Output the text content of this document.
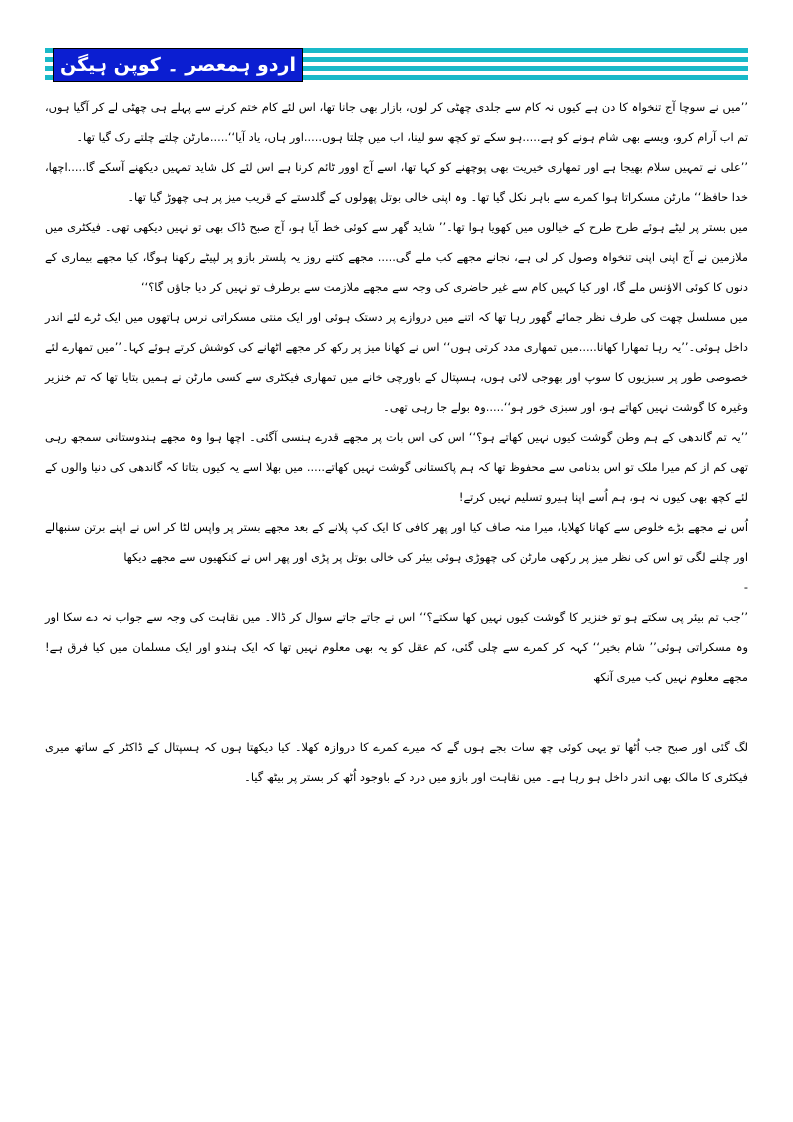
اردو ہمعصر ۔ کوپن ہیگن

’’میں نے سوچا آج تنخواہ کا دن ہے کیوں نہ کام سے جلدی چھٹی کر لوں، بازار بھی جانا تھا، اس لئے کام ختم کرنے سے پہلے ہی چھٹی لے کر آگیا ہوں، تم اب آرام کرو، ویسے بھی شام ہونے کو ہے.....ہو سکے تو کچھ سو لینا، اب میں چلتا ہوں.....اور ہاں، یاد آیا‘‘.....مارٹن چلتے چلتے رک گیا تھا۔

’’علی نے تمہیں سلام بھیجا ہے اور تمھاری خیریت بھی پوچھنے کو کہا تھا، اسے آج اوور ٹائم کرنا ہے اس لئے کل شاید تمہیں دیکھنے آسکے گا.....اچھا، خدا حافظ‘‘ مارٹن مسکراتا ہوا کمرے سے باہر نکل گیا تھا۔ وہ اپنی خالی بوتل پھولوں کے گلدستے کے قریب میز پر ہی چھوڑ گیا تھا۔

میں بستر پر لیٹے ہوئے طرح طرح کے خیالوں میں کھویا ہوا تھا۔’’ شاید گھر سے کوئی خط آیا ہو، آج صبح ڈاک بھی تو نہیں دیکھی تھی۔ فیکٹری میں ملازمین نے آج اپنی اپنی تنخواہ وصول کر لی ہے، نجانے مجھے کب ملے گی..... مجھے کتنے روز یہ پلستر بازو پر لپیٹے رکھنا ہوگا، کیا مجھے بیماری کے دنوں کا کوئی الاؤنس ملے گا، اور کیا کہیں کام سے غیر حاضری کی وجہ سے مجھے ملازمت سے برطرف تو نہیں کر دیا جاؤں گا؟‘‘

میں مسلسل چھت کی طرف نظر جمائے گھور رہا تھا کہ اتنے میں دروازے پر دستک ہوئی اور ایک منتی مسکراتی نرس ہاتھوں میں ایک ٹرے لئے اندر داخل ہوئی۔’’یہ رہا تمھارا کھانا.....میں تمھاری مدد کرتی ہوں‘‘ اس نے کھانا میز پر رکھ کر مجھے اٹھانے کی کوشش کرتے ہوئے کہا۔’’میں تمھارے لئے خصوصی طور پر سبزیوں کا سوپ اور بھوجی لائی ہوں، ہسپتال کے باورچی خانے میں تمھاری فیکٹری سے کسی مارٹن نے ہمیں بتایا تھا کہ تم خنزیر وغیرہ کا گوشت نہیں کھاتے ہو، اور سبزی خور ہو‘‘.....وہ بولے جا رہی تھی۔

’’یہ تم گاندھی کے ہم وطن گوشت کیوں نہیں کھاتے ہو؟‘‘ اس کی اس بات پر مجھے قدرے ہنسی آگئی۔ اچھا ہوا وہ مجھے ہندوستانی سمجھ رہی تھی کم از کم میرا ملک تو اس بدنامی سے محفوظ تھا کہ ہم پاکستانی گوشت نہیں کھاتے..... میں بھلا اسے یہ کیوں بتاتا کہ گاندھی کی دنیا والوں کے لئے کچھ بھی کیوں نہ ہو، ہم اُسے اپنا ہیرو تسلیم نہیں کرتے!

اُس نے مجھے بڑے خلوص سے کھانا کھلایا، میرا منہ صاف کیا اور پھر کافی کا ایک کپ پلانے کے بعد مجھے بستر پر واپس لٹا کر اس نے اپنے برتن سنبھالے اور چلنے لگی تو اس کی نظر میز پر رکھی مارٹن کی چھوڑی ہوئی بیئر کی خالی بوتل پر پڑی اور پھر اس نے کنکھیوں سے مجھے دیکھا

-

’’جب تم بیئر پی سکتے ہو تو خنزیر کا گوشت کیوں نہیں کھا سکتے؟‘‘ اس نے جاتے جاتے سوال کر ڈالا۔ میں نقاہت کی وجہ سے جواب نہ دے سکا اور وہ مسکراتی ہوئی’’ شام بخیر‘‘ کہہ کر کمرے سے چلی گئی، کم عقل کو یہ بھی معلوم نہیں تھا کہ ایک ہندو اور ایک مسلمان میں کیا فرق ہے! مجھے معلوم نہیں کب میری آنکھ

لگ گئی اور صبح جب اُٹھا تو یہی کوئی چھ سات بجے ہوں گے کہ میرے کمرے کا دروازہ کھلا۔ کیا دیکھتا ہوں کہ ہسپتال کے ڈاکٹر کے ساتھ میری فیکٹری کا مالک بھی اندر داخل ہو رہا ہے۔ میں نقاہت اور بازو میں درد کے باوجود اُٹھ کر بستر پر بیٹھ گیا۔
